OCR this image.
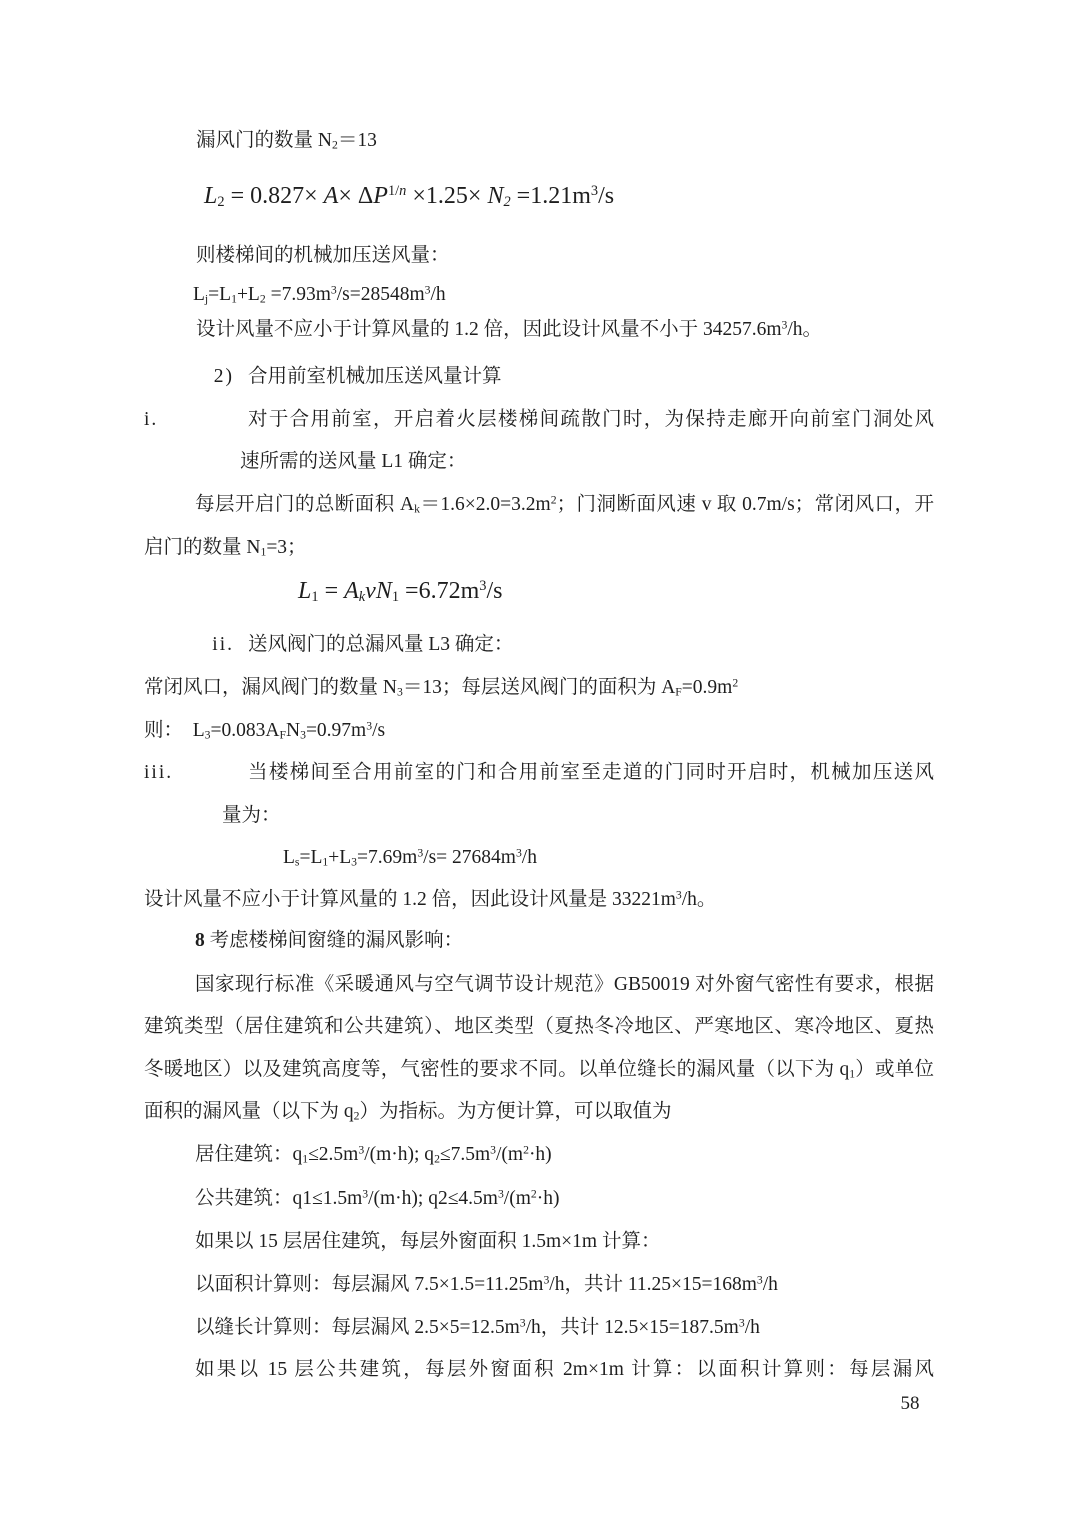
漏风门的数量 $N_2=13$
$L_2 = 0.827\times A\times \Delta P^{1/n} \times 1.25\times N_2 =1.21m^3/s$
则楼梯间的机械加压送风量：
$L_j=L_1+L_2 =7.93m^3/s=28548m^3/h$
设计风量不应小于计算风量的 1.2 倍，因此设计风量不小于 $34257.6m^3/h$。
2) 合用前室机械加压送风量计算
i.	对于合用前室，开启着火层楼梯间疏散门时，为保持走廊开向前室门洞处风
速所需的送风量 L1 确定：
每层开启门的总断面积 $A_k=1.6\times 2.0=3.2m^2$；门洞断面风速 v 取 0.7m/s；常闭风口，开
启门的数量 $N_1=3$；
$L_1 = A_kvN_1 =6.72m^3/s$
ii. 送风阀门的总漏风量 L3 确定：
常闭风口，漏风阀门的数量 $N_3=13$；每层送风阀门的面积为 $A_F=0.9m^2$
则：　$L_3=0.083A_FN_3=0.97m^3/s$
iii.	当楼梯间至合用前室的门和合用前室至走道的门同时开启时，机械加压送风
量为：
$L_s=L_1+L_3=7.69m^3/s= 27684m^3/h$
设计风量不应小于计算风量的 1.2 倍，因此设计风量是 $33221m^3/h$。
8 考虑楼梯间窗缝的漏风影响：
国家现行标准《采暖通风与空气调节设计规范》GB50019 对外窗气密性有要求，根据
建筑类型（居住建筑和公共建筑）、地区类型（夏热冬冷地区、严寒地区、寒冷地区、夏热
冬暖地区）以及建筑高度等，气密性的要求不同。以单位缝长的漏风量（以下为 $q_1$）或单位
面积的漏风量（以下为 $q_2$）为指标。为方便计算，可以取值为
居住建筑：$q_1\le 2.5m^3/(m\cdot h)$; $q_2\le 7.5m^3/(m^2\cdot h)$
公共建筑：$q1\le 1.5m^3/(m\cdot h)$; $q2\le 4.5m^3/(m^2\cdot h)$
如果以 15 层居住建筑，每层外窗面积 1.5m×1m 计算：
以面积计算则：每层漏风 $7.5\times 1.5=11.25m^3/h$，共计 $11.25\times 15=168m^3/h$
以缝长计算则：每层漏风 $2.5\times 5=12.5m^3/h$，共计 $12.5\times 15=187.5m^3/h$
如果以 15 层公共建筑，每层外窗面积 2m×1m 计算：以面积计算则：每层漏风
58
